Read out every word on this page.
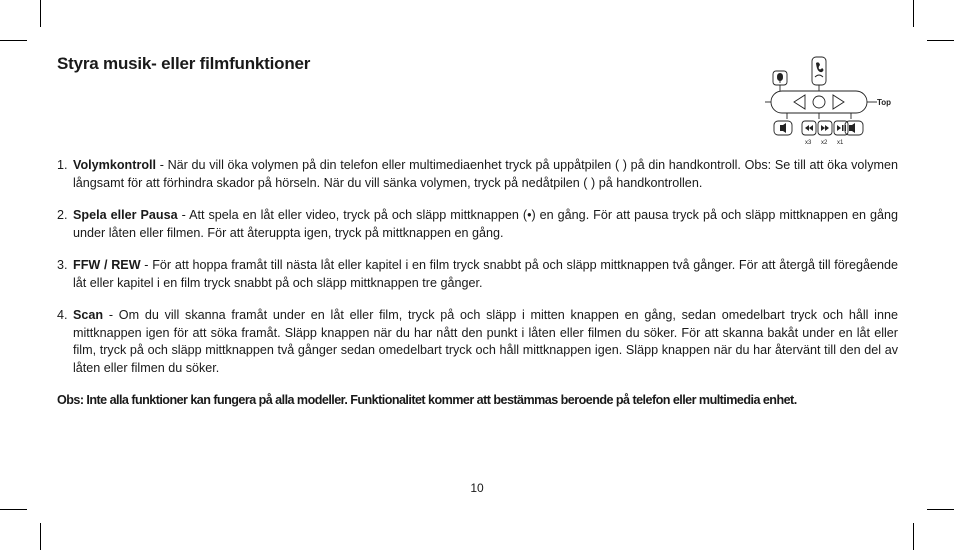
Styra musik- eller filmfunktioner
Top
x3 x2 x1

1. Volymkontroll - När du vill öka volymen på din telefon eller multimediaenhet tryck på uppåtpilen ( ) på din handkontroll. Obs: Se till att öka volymen långsamt för att förhindra skador på hörseln. När du vill sänka volymen, tryck på nedåtpilen ( ) på handkontrollen.

2. Spela eller Pausa - Att spela en låt eller video, tryck på och släpp mittknappen (•) en gång. För att pausa tryck på och släpp mittknappen en gång under låten eller filmen. För att återuppta igen, tryck på mittknappen en gång.

3. FFW / REW - För att hoppa framåt till nästa låt eller kapitel i en film tryck snabbt på och släpp mittknappen två gånger. För att återgå till föregående låt eller kapitel i en film tryck snabbt på och släpp mittknappen tre gånger.

4. Scan - Om du vill skanna framåt under en låt eller film, tryck på och släpp i mitten knappen en gång, sedan omedelbart tryck och håll inne mittknappen igen för att söka framåt. Släpp knappen när du har nått den punkt i låten eller filmen du söker. För att skanna bakåt under en låt eller film, tryck på och släpp mittknappen två gånger sedan omedelbart tryck och håll mittknappen igen. Släpp knappen när du har återvänt till den del av låten eller filmen du söker.

Obs: Inte alla funktioner kan fungera på alla modeller. Funktionalitet kommer att bestämmas beroende på telefon eller multimedia enhet.
10
